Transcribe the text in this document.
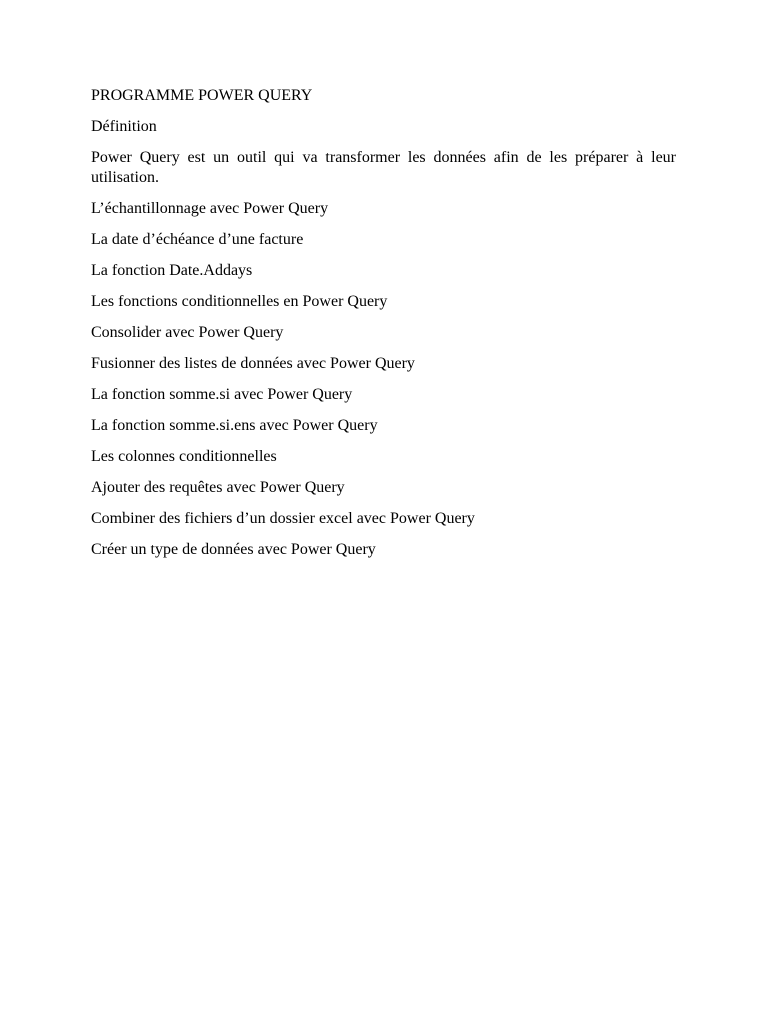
PROGRAMME POWER QUERY
Définition
Power Query est un outil qui va transformer les données afin de les préparer à leur utilisation.
L’échantillonnage avec Power Query
La date d’échéance d’une facture
La fonction Date.Addays
Les fonctions conditionnelles en Power Query
Consolider avec Power Query
Fusionner des listes de données avec Power Query
La fonction somme.si avec Power Query
La fonction somme.si.ens avec Power Query
Les colonnes conditionnelles
Ajouter des requêtes avec Power Query
Combiner des fichiers d’un dossier excel avec Power Query
Créer un type de données avec Power Query
